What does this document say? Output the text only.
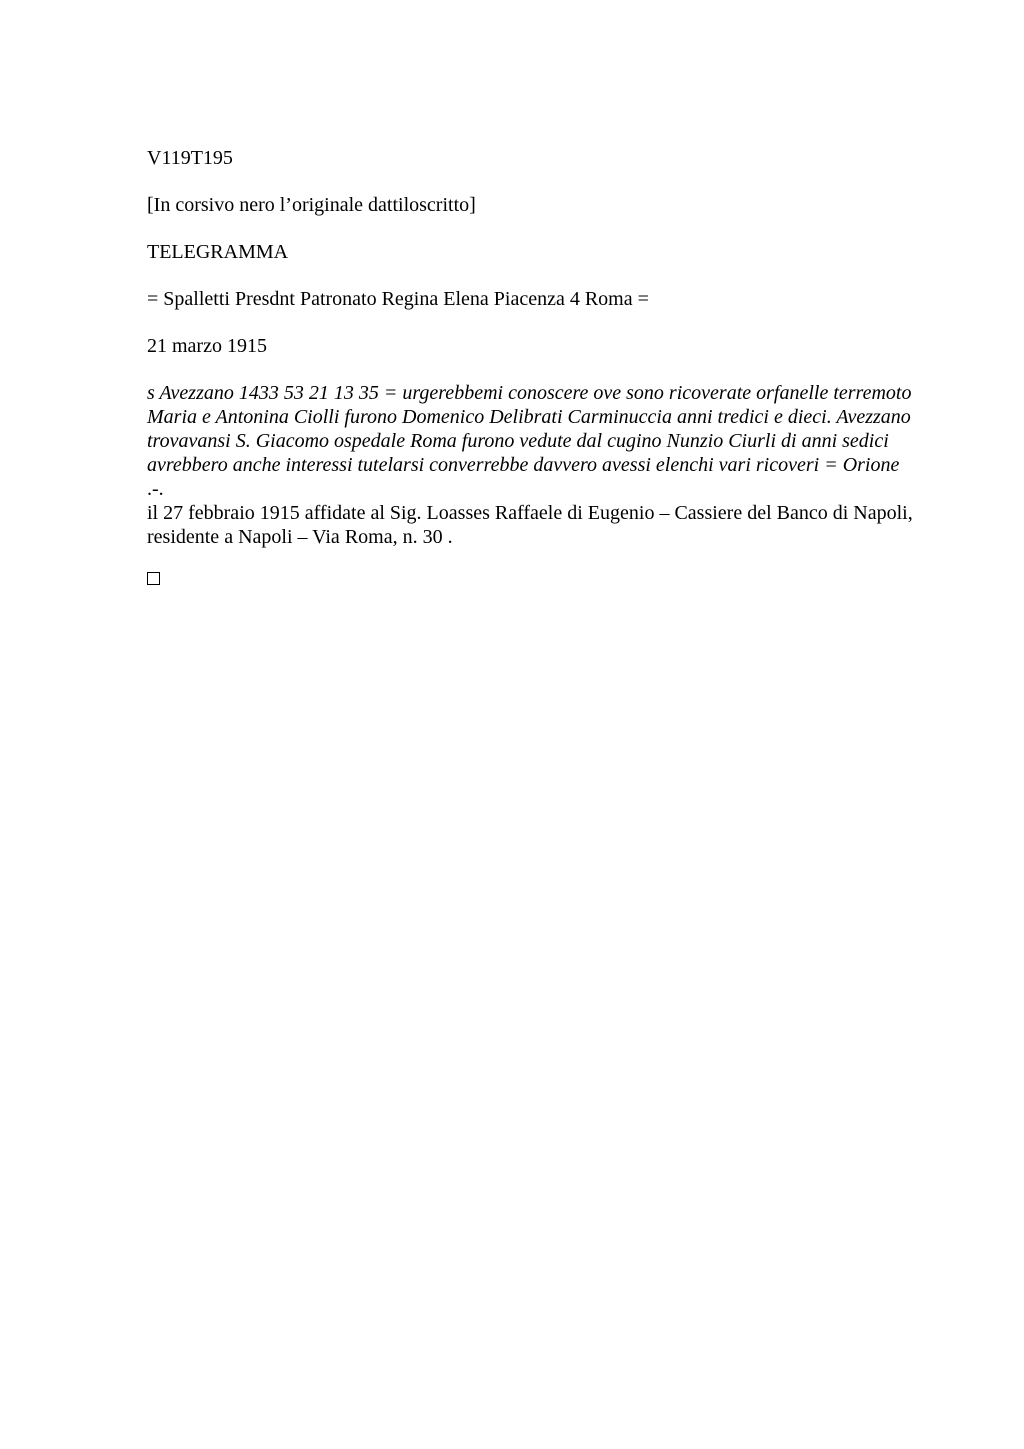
V119T195

[In corsivo nero l’originale dattiloscritto]

TELEGRAMMA

= Spalletti Presdnt Patronato Regina Elena Piacenza 4 Roma =

21 marzo 1915

s Avezzano 1433 53 21 13 35 = urgerebbemi conoscere ove sono ricoverate orfanelle terremoto Maria e Antonina Ciolli furono Domenico Delibrati Carminuccia anni tredici e dieci. Avezzano trovavansi S. Giacomo ospedale Roma furono vedute dal cugino Nunzio Ciurli di anni sedici avrebbero anche interessi tutelarsi converrebbe davvero avessi elenchi vari ricoveri = Orione .-.

il 27 febbraio 1915 affidate al Sig. Loasses Raffaele di Eugenio – Cassiere del Banco di Napoli, residente a Napoli – Via Roma, n. 30 .
